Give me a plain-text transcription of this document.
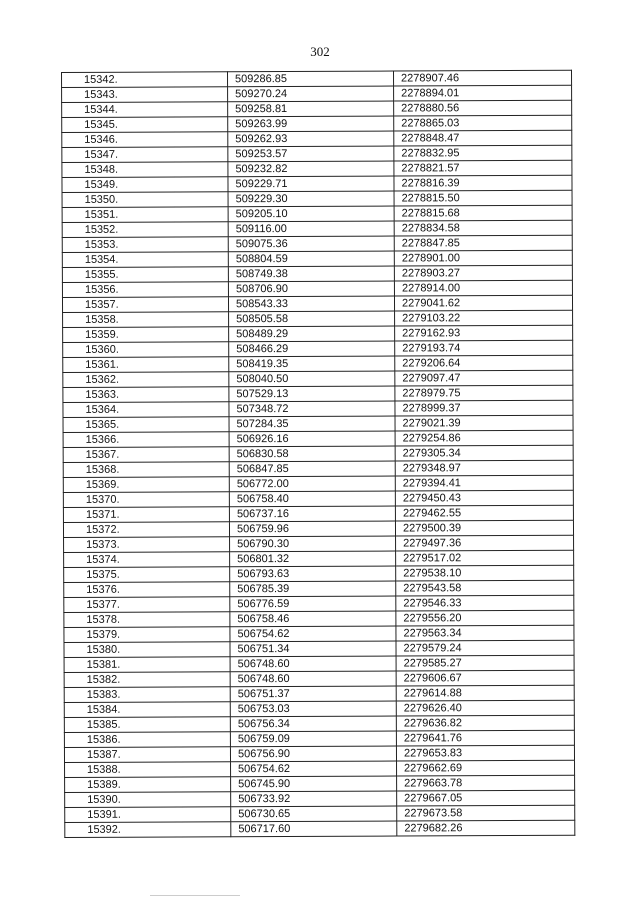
302
15342.	509286.85	2278907.46
15343.	509270.24	2278894.01
15344.	509258.81	2278880.56
15345.	509263.99	2278865.03
15346.	509262.93	2278848.47
15347.	509253.57	2278832.95
15348.	509232.82	2278821.57
15349.	509229.71	2278816.39
15350.	509229.30	2278815.50
15351.	509205.10	2278815.68
15352.	509116.00	2278834.58
15353.	509075.36	2278847.85
15354.	508804.59	2278901.00
15355.	508749.38	2278903.27
15356.	508706.90	2278914.00
15357.	508543.33	2279041.62
15358.	508505.58	2279103.22
15359.	508489.29	2279162.93
15360.	508466.29	2279193.74
15361.	508419.35	2279206.64
15362.	508040.50	2279097.47
15363.	507529.13	2278979.75
15364.	507348.72	2278999.37
15365.	507284.35	2279021.39
15366.	506926.16	2279254.86
15367.	506830.58	2279305.34
15368.	506847.85	2279348.97
15369.	506772.00	2279394.41
15370.	506758.40	2279450.43
15371.	506737.16	2279462.55
15372.	506759.96	2279500.39
15373.	506790.30	2279497.36
15374.	506801.32	2279517.02
15375.	506793.63	2279538.10
15376.	506785.39	2279543.58
15377.	506776.59	2279546.33
15378.	506758.46	2279556.20
15379.	506754.62	2279563.34
15380.	506751.34	2279579.24
15381.	506748.60	2279585.27
15382.	506748.60	2279606.67
15383.	506751.37	2279614.88
15384.	506753.03	2279626.40
15385.	506756.34	2279636.82
15386.	506759.09	2279641.76
15387.	506756.90	2279653.83
15388.	506754.62	2279662.69
15389.	506745.90	2279663.78
15390.	506733.92	2279667.05
15391.	506730.65	2279673.58
15392.	506717.60	2279682.26
